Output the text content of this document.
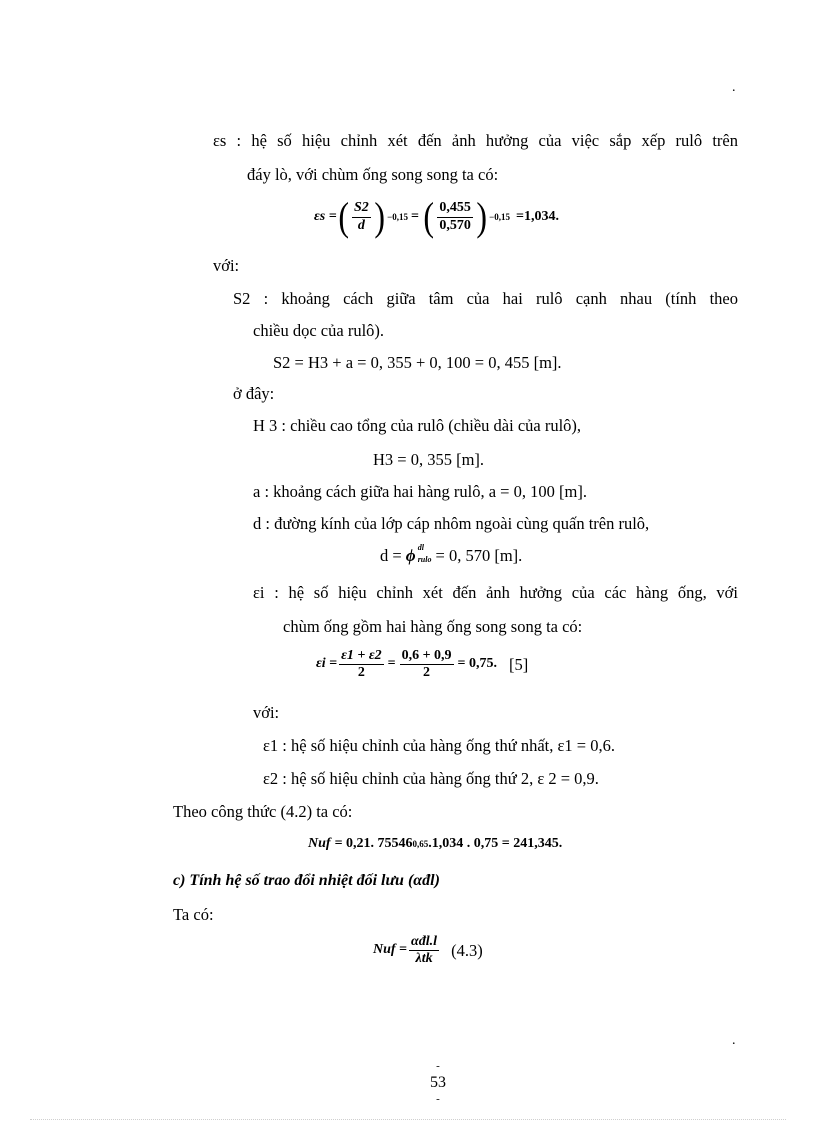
.
εs : hệ số hiệu chỉnh xét đến ảnh hưởng của việc sắp xếp rulô trên
đáy lò, với chùm ống song song ta có:
εs = ( $\frac{S2}{d}$ ) −0,15 = ( $\frac{0,455}{0,570}$ ) −0,15 =1,034.
với:
S2 : khoảng cách giữa tâm của hai rulô cạnh nhau (tính theo
chiều dọc của rulô).
S2 = H3 + a = 0, 355 + 0, 100 = 0, 455 [m].
ở đây:
H 3 : chiều cao tổng của rulô (chiều dài của rulô),
H3 = 0, 355 [m].
a : khoảng cách giữa hai hàng rulô, a = 0, 100 [m].
d : đường kính của lớp cáp nhôm ngoài cùng quấn trên rulô,
d = ϕ dl
rulo = 0, 570 [m].
εi : hệ số hiệu chỉnh xét đến ảnh hưởng của các hàng ống, với
chùm ống gồm hai hàng ống song song ta có:
$\varepsilon i = \frac{\varepsilon 1 + \varepsilon 2}{2} = \frac{0,6 + 0,9}{2} = 0,75$. [5]
với:
ε1 : hệ số hiệu chỉnh của hàng ống thứ nhất, ε1 = 0,6.
ε2 : hệ số hiệu chỉnh của hàng ống thứ 2, ε 2 = 0,9.
Theo công thức (4.2) ta có:
Nuf = 0,21. 75546 0,65 .1,034 . 0,75 = 241,345.
c) Tính hệ số trao đổi nhiệt đối lưu (αđl)
Ta có:
Nuf = $\frac{\text{αđl.l}}{\text{λtk}} (4.3)$
.
-
53
-
